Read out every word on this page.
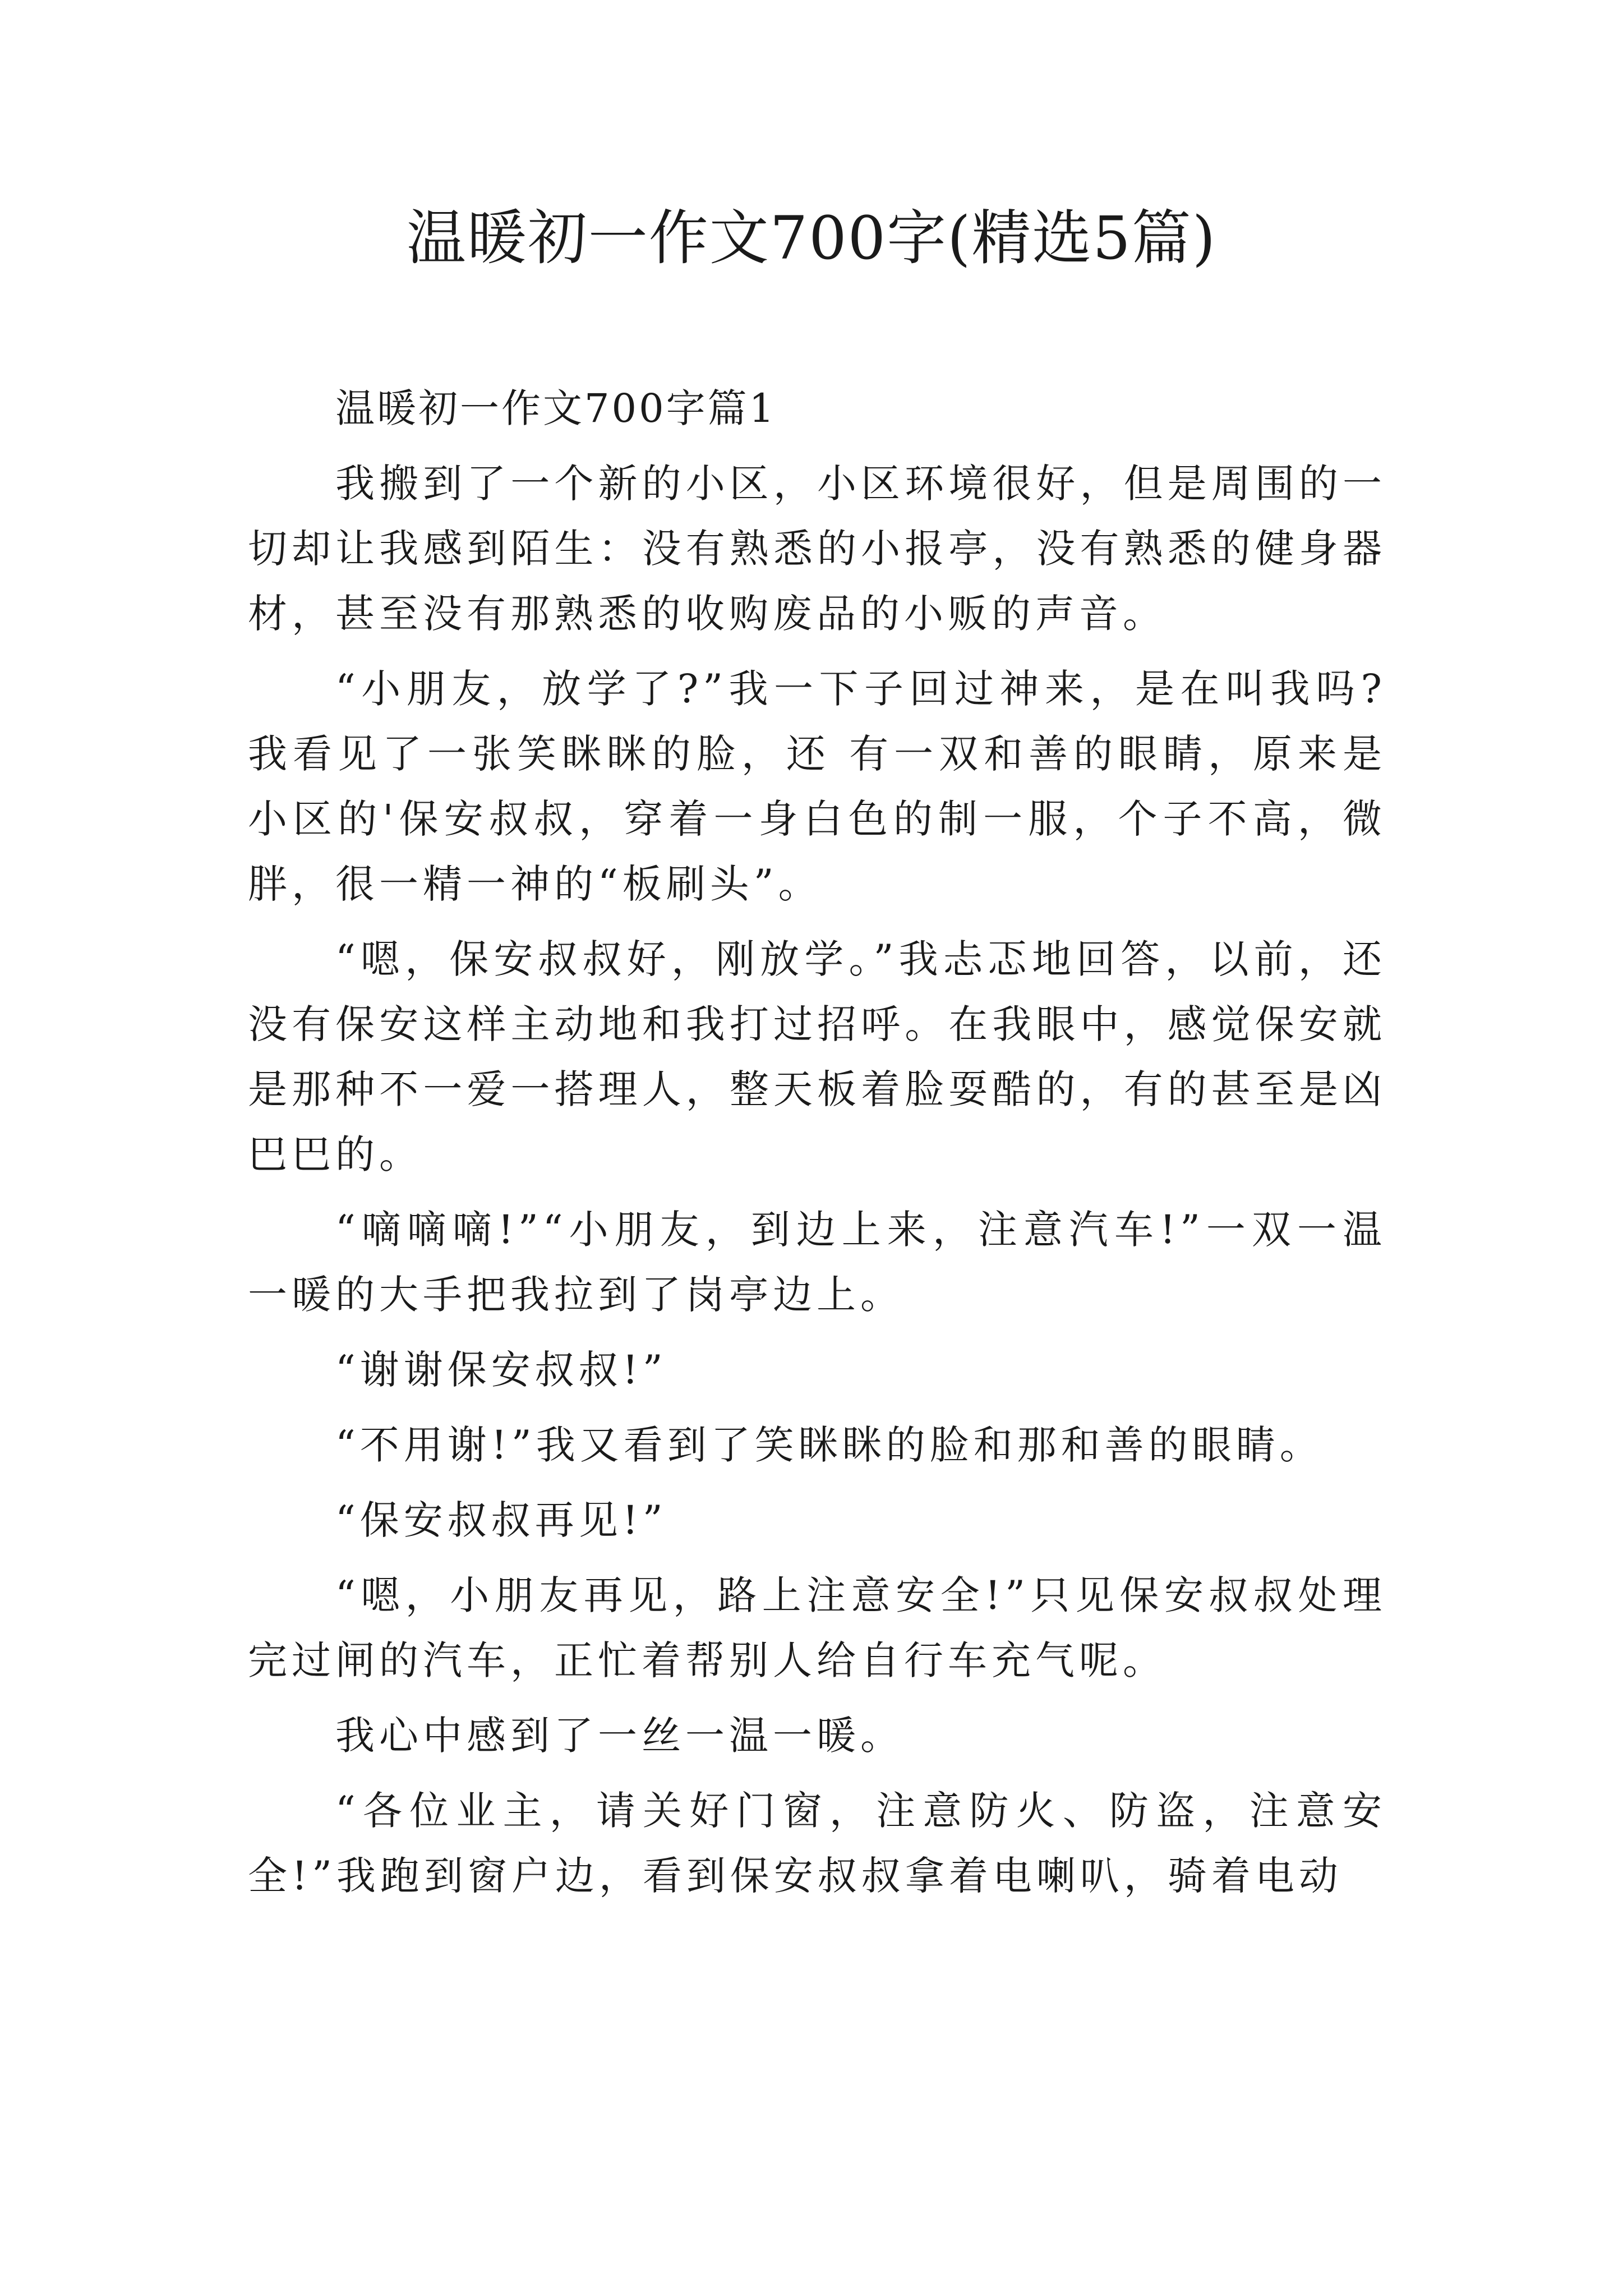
温暖初一作文700字(精选5篇)

温暖初一作文700字篇1

我搬到了一个新的小区，小区环境很好，但是周围的一切却让我感到陌生：没有熟悉的小报亭，没有熟悉的健身器材，甚至没有那熟悉的收购废品的小贩的声音。

“小朋友，放学了?”我一下子回过神来，是在叫我吗?我看见了一张笑眯眯的脸，还 有一双和善的眼睛，原来是小区的'保安叔叔，穿着一身白色的制一服，个子不高，微胖，很一精一神的“板刷头”。

“嗯，保安叔叔好，刚放学。”我忐忑地回答，以前，还 没有保安这样主动地和我打过招呼。在我眼中，感觉保安就是那种不一爱一搭理人，整天板着脸耍酷的，有的甚至是凶巴巴的。

“嘀嘀嘀!”“小朋友，到边上来，注意汽车!”一双一温一暖的大手把我拉到了岗亭边上。

“谢谢保安叔叔!”

“不用谢!”我又看到了笑眯眯的脸和那和善的眼睛。

“保安叔叔再见!”

“嗯，小朋友再见，路上注意安全!”只见保安叔叔处理完过闸的汽车，正忙着帮别人给自行车充气呢。

我心中感到了一丝一温一暖。

“各位业主，请关好门窗，注意防火、防盗，注意安全!”我跑到窗户边，看到保安叔叔拿着电喇叭，骑着电动
